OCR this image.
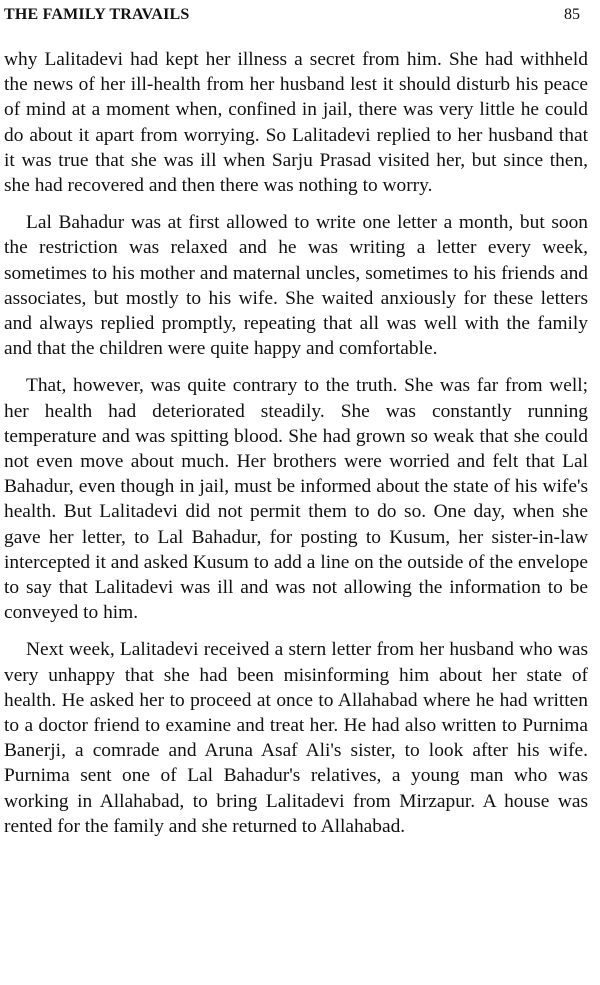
THE FAMILY TRAVAILS	85

why Lalitadevi had kept her illness a secret from him. She had withheld the news of her ill-health from her husband lest it should disturb his peace of mind at a moment when, confined in jail, there was very little he could do about it apart from worrying. So Lalitadevi replied to her husband that it was true that she was ill when Sarju Prasad visited her, but since then, she had recovered and then there was nothing to worry.

Lal Bahadur was at first allowed to write one letter a month, but soon the restriction was relaxed and he was writing a letter every week, sometimes to his mother and maternal uncles, sometimes to his friends and associates, but mostly to his wife. She waited anxiously for these letters and always replied promptly, repeating that all was well with the family and that the children were quite happy and comfortable.

That, however, was quite contrary to the truth. She was far from well; her health had deteriorated steadily. She was constantly running temperature and was spitting blood. She had grown so weak that she could not even move about much. Her brothers were worried and felt that Lal Bahadur, even though in jail, must be informed about the state of his wife's health. But Lalitadevi did not permit them to do so. One day, when she gave her letter, to Lal Bahadur, for posting to Kusum, her sister-in-law intercepted it and asked Kusum to add a line on the outside of the envelope to say that Lalitadevi was ill and was not allowing the information to be conveyed to him.

Next week, Lalitadevi received a stern letter from her husband who was very unhappy that she had been misinforming him about her state of health. He asked her to proceed at once to Allahabad where he had written to a doctor friend to examine and treat her. He had also written to Purnima Banerji, a comrade and Aruna Asaf Ali's sister, to look after his wife. Purnima sent one of Lal Bahadur's relatives, a young man who was working in Allahabad, to bring Lalitadevi from Mirzapur. A house was rented for the family and she returned to Allahabad.
